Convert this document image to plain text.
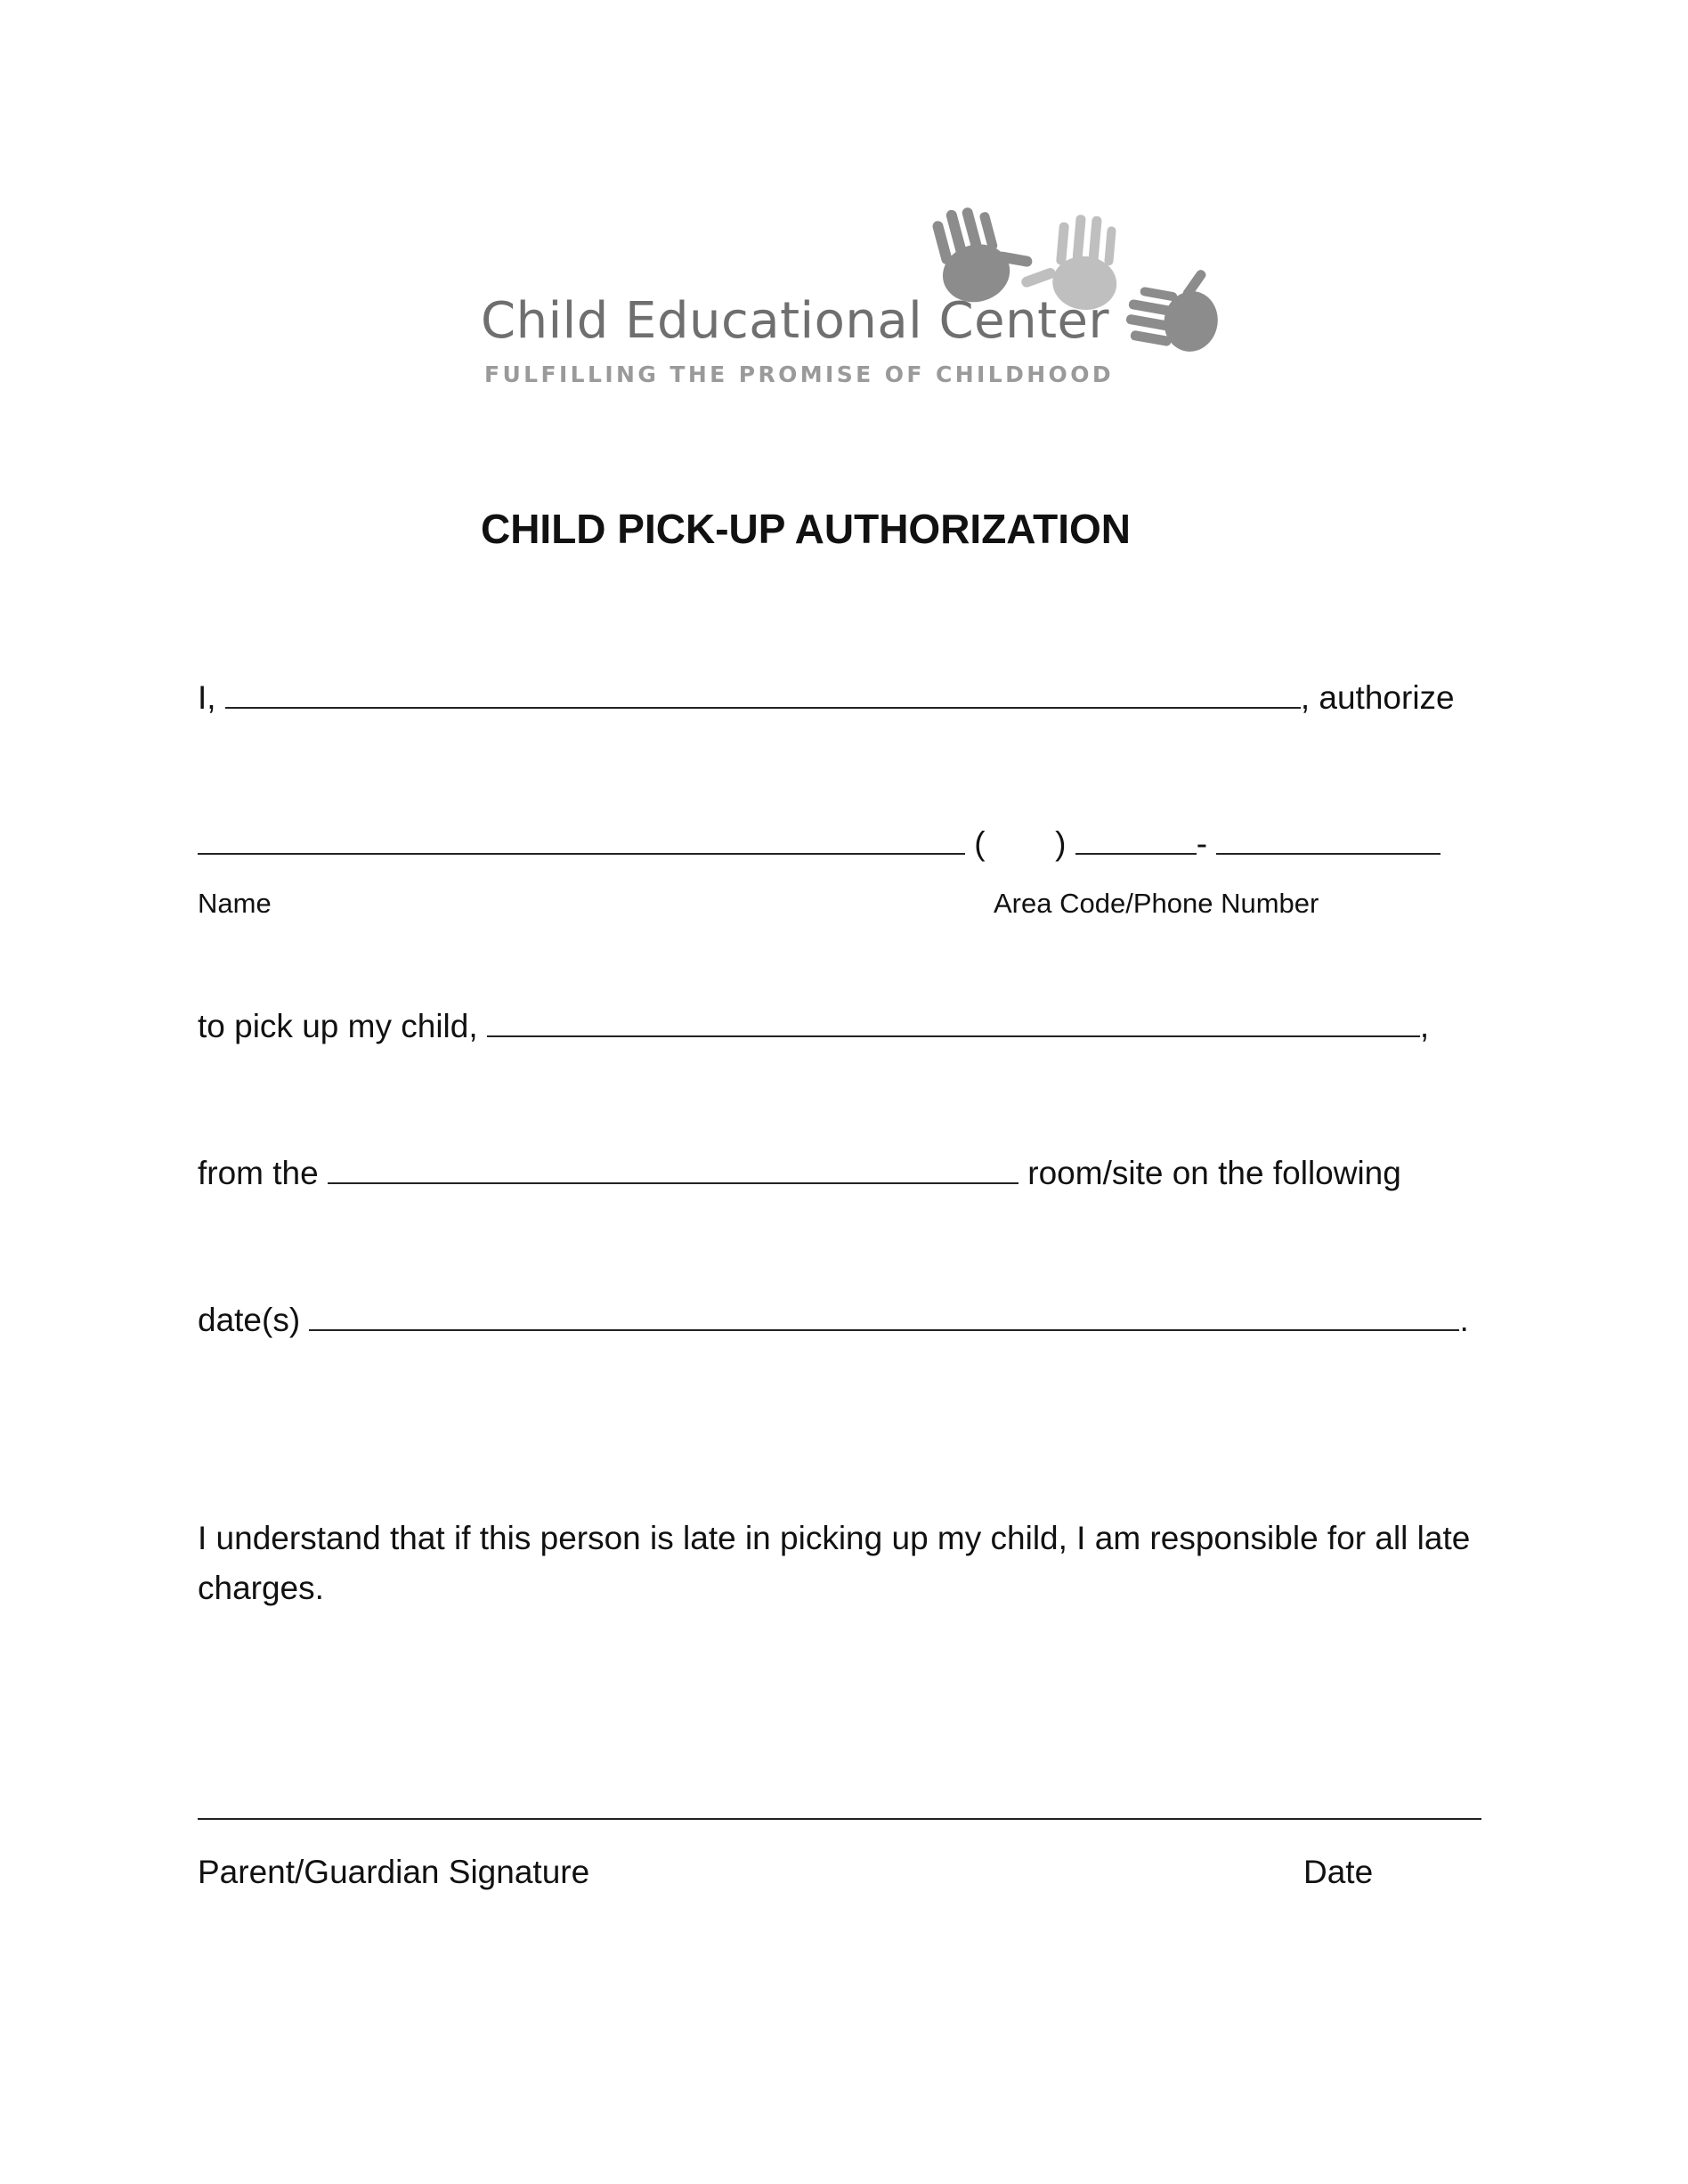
Child Educational Center
FULFILLING THE PROMISE OF CHILDHOOD
CHILD PICK-UP AUTHORIZATION
I,	, authorize
( )	-
Name	Area Code/Phone Number
to pick up my child,	,
from the	room/site on the following
date(s)	.
I understand that if this person is late in picking up my child, I am responsible for all late charges.
Parent/Guardian Signature	Date
